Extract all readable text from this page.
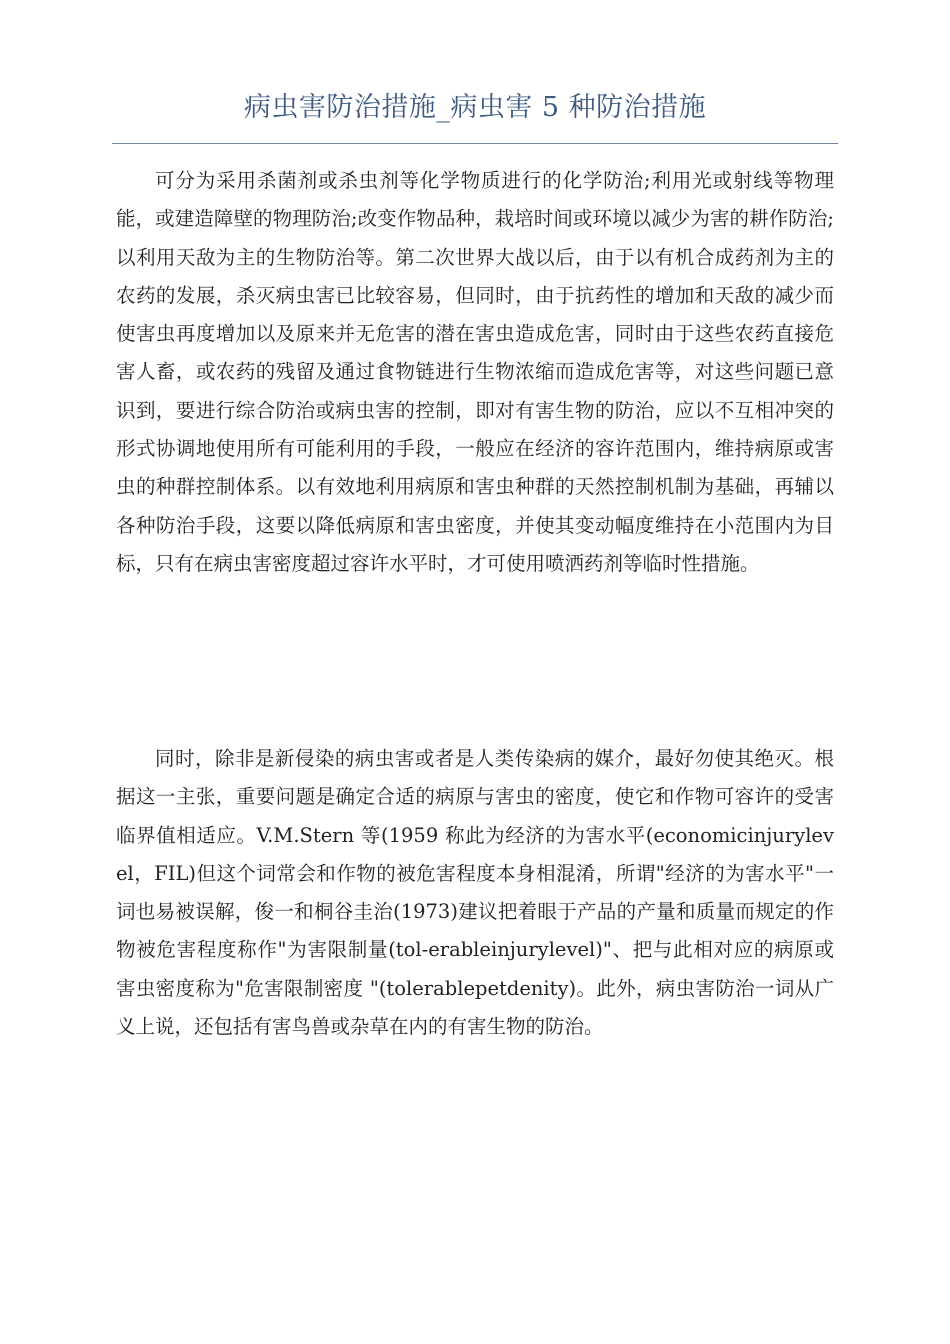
病虫害防治措施_病虫害 5 种防治措施

可分为采用杀菌剂或杀虫剂等化学物质进行的化学防治;利用光或射线等物理能，或建造障壁的物理防治;改变作物品种，栽培时间或环境以减少为害的耕作防治;以利用天敌为主的生物防治等。第二次世界大战以后，由于以有机合成药剂为主的农药的发展，杀灭病虫害已比较容易，但同时，由于抗药性的增加和天敌的减少而使害虫再度增加以及原来并无危害的潜在害虫造成危害，同时由于这些农药直接危害人畜，或农药的残留及通过食物链进行生物浓缩而造成危害等，对这些问题已意识到，要进行综合防治或病虫害的控制，即对有害生物的防治，应以不互相冲突的形式协调地使用所有可能利用的手段，一般应在经济的容许范围内，维持病原或害虫的种群控制体系。以有效地利用病原和害虫种群的天然控制机制为基础，再辅以各种防治手段，这要以降低病原和害虫密度，并使其变动幅度维持在小范围内为目标，只有在病虫害密度超过容许水平时，才可使用喷洒药剂等临时性措施。

同时，除非是新侵染的病虫害或者是人类传染病的媒介，最好勿使其绝灭。根据这一主张，重要问题是确定合适的病原与害虫的密度，使它和作物可容许的受害临界值相适应。V.M.Stern 等(1959 称此为经济的为害水平(economicinjurylevel，FIL)但这个词常会和作物的被危害程度本身相混淆，所谓"经济的为害水平"一词也易被误解，俊一和桐谷圭治(1973)建议把着眼于产品的产量和质量而规定的作物被危害程度称作"为害限制量(tol-erableinjurylevel)"、把与此相对应的病原或害虫密度称为"危害限制密度 "(tolerablepetdenity)。此外，病虫害防治一词从广义上说，还包括有害鸟兽或杂草在内的有害生物的防治。
